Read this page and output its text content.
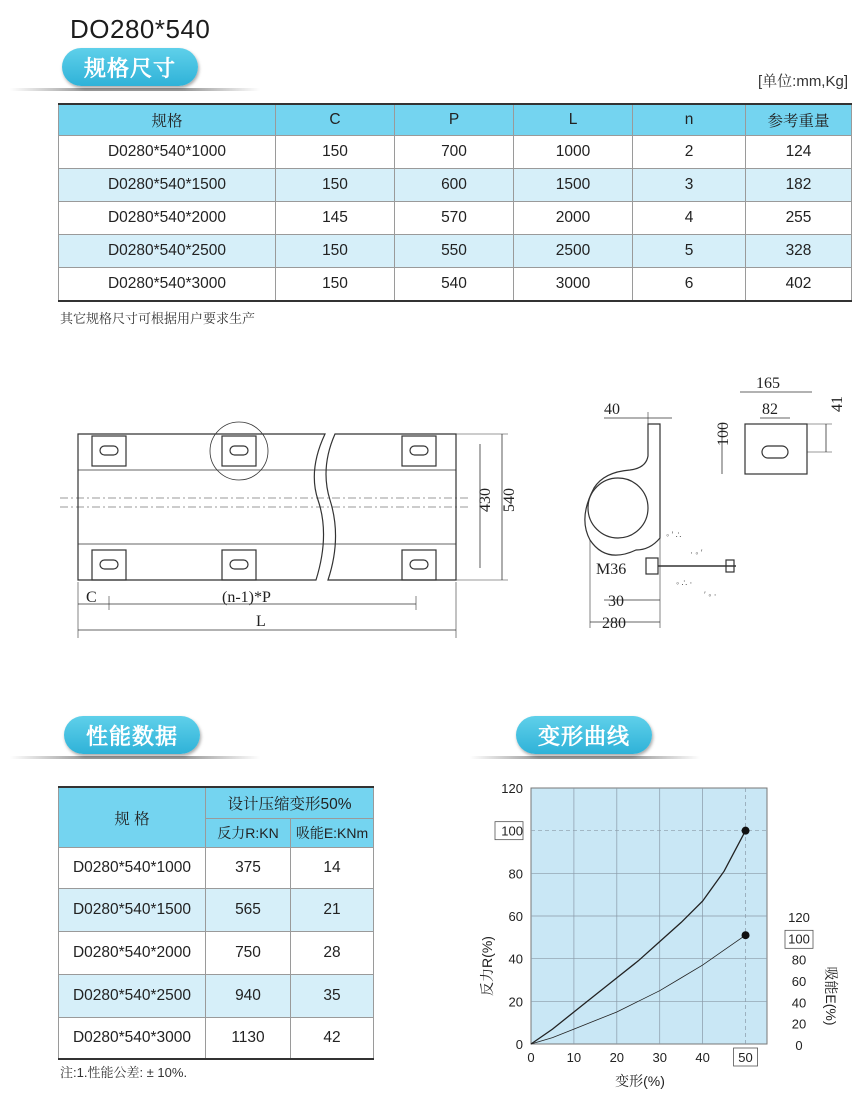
DO280*540
规格尺寸
[单位:mm,Kg]
规格	C	P	L	n	参考重量
D0280*540*1000	150	700	1000	2	124
D0280*540*1500	150	600	1500	3	182
D0280*540*2000	145	570	2000	4	255
D0280*540*2500	150	550	2500	5	328
D0280*540*3000	150	540	3000	6	402
其它规格尺寸可根据用户要求生产
◦ ′ ∴
· ◦ ′
◦ ∴ ·
′ ◦ ·
430 540
C	(n-1)*P
L
40
M36
30
280
165
82	41
100
性能数据	变形曲线
规 格	设计压缩变形50%	
	反力R:KN	吸能E:KNm
D0280*540*1000	375	14
D0280*540*1500	565	21
D0280*540*2000	750	28
D0280*540*2500	940	35
D0280*540*3000	1130	42
注:1.性能公差: ± 10%.
0 10 20 30 40 50
0
20
40
60
80
100
120
0
20
40
60
80
100
120
变形(%)
反力R(%)
吸能E(%)
